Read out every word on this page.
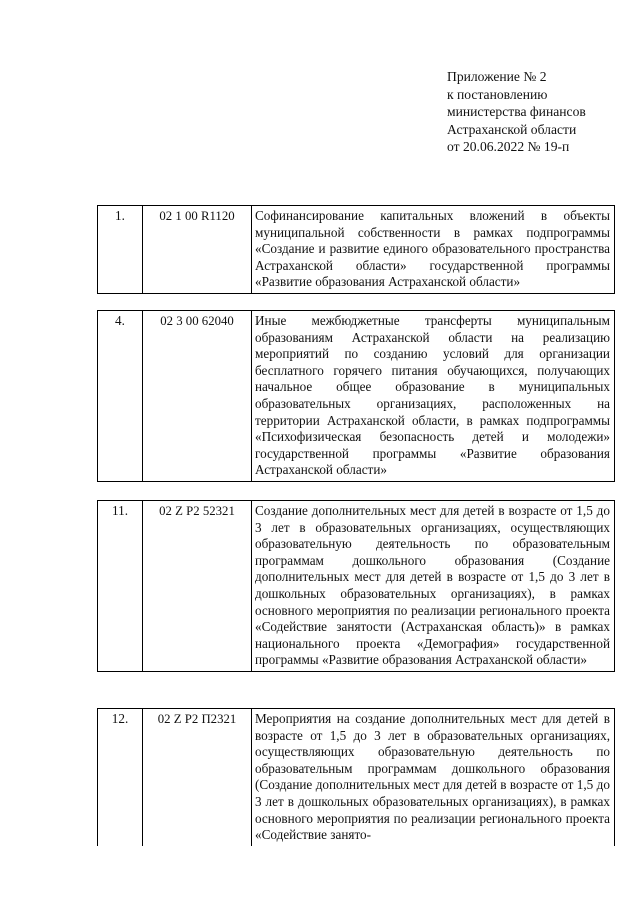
Приложение № 2
к постановлению
министерства финансов
Астраханской области
от 20.06.2022 № 19-п
1.	02 1 00 R1120	Софинансирование капитальных вложений в объекты муниципальной собственности в рамках подпрограммы «Создание и развитие единого образовательного пространства Астраханской области» государственной программы «Развитие образования Астраханской области»
4.	02 3 00 62040	Иные межбюджетные трансферты муниципальным образованиям Астраханской области на реализацию мероприятий по созданию условий для организации бесплатного горячего питания обучающихся, получающих начальное общее образование в муниципальных образовательных организациях, расположенных на территории Астраханской области, в рамках подпрограммы «Психофизическая безопасность детей и молодежи» государственной программы «Развитие образования Астраханской области»
11.	02 Z P2 52321	Создание дополнительных мест для детей в возрасте от 1,5 до 3 лет в образовательных организациях, осуществляющих образовательную деятельность по образовательным программам дошкольного образования (Создание дополнительных мест для детей в возрасте от 1,5 до 3 лет в дошкольных образовательных организациях), в рамках основного мероприятия по реализации регионального проекта «Содействие занятости (Астраханская область)» в рамках национального проекта «Демография» государственной программы «Развитие образования Астраханской области»
12.	02 Z P2 П2321	Мероприятия на создание дополнительных мест для детей в возрасте от 1,5 до 3 лет в образовательных организациях, осуществляющих образовательную деятельность по образовательным программам дошкольного образования (Создание дополнительных мест для детей в возрасте от 1,5 до 3 лет в дошкольных образовательных организациях), в рамках основного мероприятия по реализации регионального проекта «Содействие занято-
